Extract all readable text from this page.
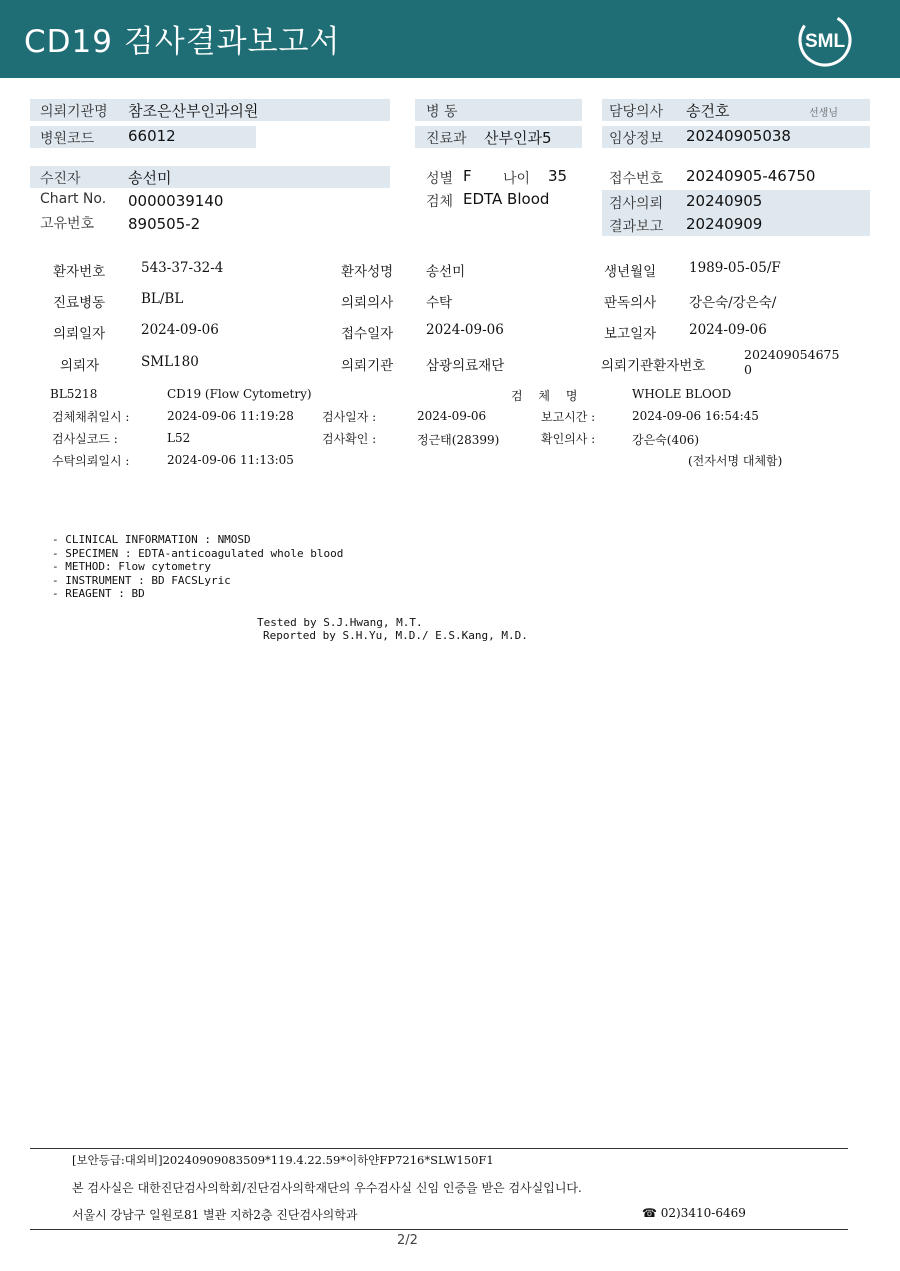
CD19 검사결과보고서	SML
의뢰기관명 참조은산부인과의원
병원코드 66012
병 동
진료과 산부인과5
담당의사 송건호	선생님
임상정보 20240905038
수진자	송선미
Chart No. 0000039140
고유번호 890505-2
성별 F 나이 35
검체 EDTA Blood
접수번호 20240905-46750
검사의뢰 20240905
결과보고 20240909
환자번호	543-37-32-4	환자성명 송선미	생년월일 1989-05-05/F
진료병동	BL/BL	의뢰의사 수탁	판독의사 강은숙/강은숙/
의뢰일자	2024-09-06	접수일자 2024-09-06	보고일자 2024-09-06
의뢰자	SML180	의뢰기관 삼광의료재단	의뢰기관환자번호
202409054675
0
BL5218	CD19 (Flow Cytometry)	검 체 명	WHOLE BLOOD
검체채취일시 :	2024-09-06 11:19:28 검사일자 :	2024-09-06	보고시간 :	2024-09-06 16:54:45
검사실코드 :	L52	검사확인 :	정근태(28399)	확인의사 :	강은숙(406)
수탁의뢰일시 :	2024-09-06 11:13:05	(전자서명 대체함)
- CLINICAL INFORMATION : NMOSD
- SPECIMEN : EDTA-anticoagulated whole blood
- METHOD: Flow cytometry
- INSTRUMENT : BD FACSLyric
- REAGENT : BD
Tested by S.J.Hwang, M.T.
Reported by S.H.Yu, M.D./ E.S.Kang, M.D.
[보안등급:대외비]20240909083509*119.4.22.59*이하얀FP7216*SLW150F1
본 검사실은 대한진단검사의학회/진단검사의학재단의 우수검사실 신임 인증을 받은 검사실입니다.
서울시 강남구 일원로81 별관 지하2층 진단검사의학과	☎ 02)3410-6469
2/2
